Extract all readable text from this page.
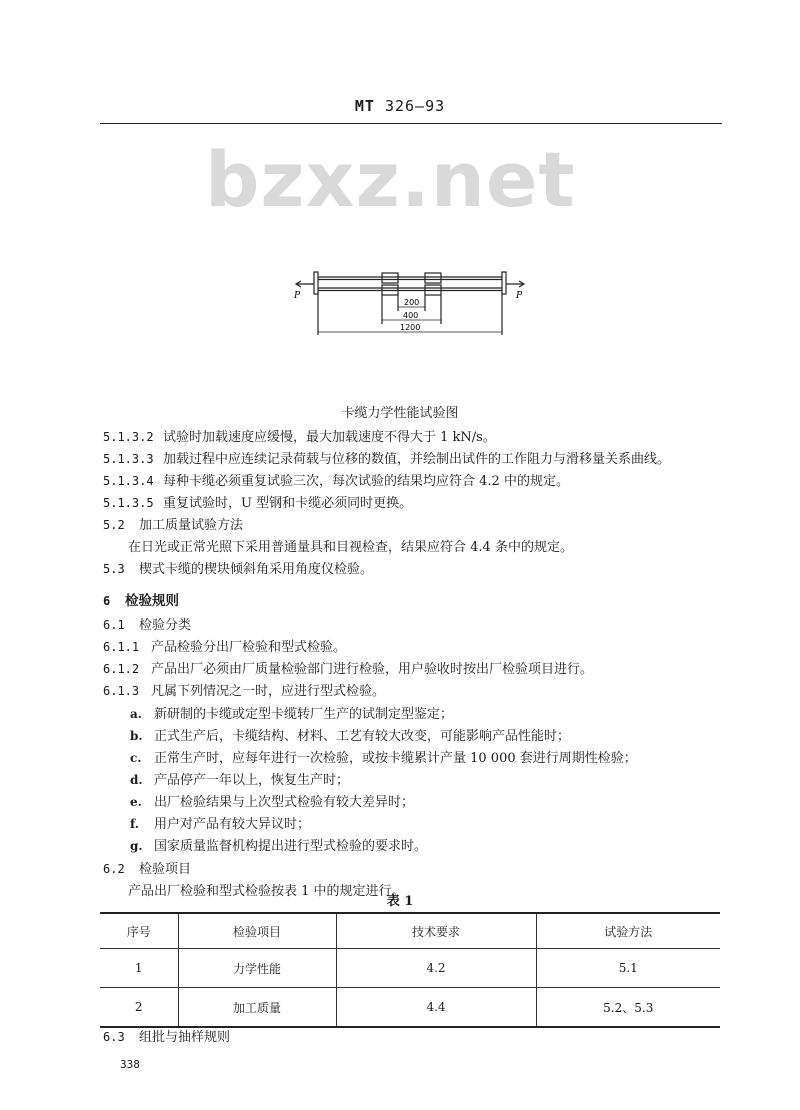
MT 326—93
bzxz.net
P	P
200
400
1200
卡缆力学性能试验图
5.1.3.2 试验时加载速度应缓慢，最大加载速度不得大于 1 kN/s。
5.1.3.3 加载过程中应连续记录荷载与位移的数值，并绘制出试件的工作阻力与滑移量关系曲线。
5.1.3.4 每种卡缆必须重复试验三次，每次试验的结果均应符合 4.2 中的规定。
5.1.3.5 重复试验时，U 型钢和卡缆必须同时更换。
5.2 加工质量试验方法
在日光或正常光照下采用普通量具和目视检查，结果应符合 4.4 条中的规定。
5.3 楔式卡缆的楔块倾斜角采用角度仪检验。
6 检验规则
6.1 检验分类
6.1.1 产品检验分出厂检验和型式检验。
6.1.2 产品出厂必须由厂质量检验部门进行检验，用户验收时按出厂检验项目进行。
6.1.3 凡属下列情况之一时，应进行型式检验。
a. 新研制的卡缆或定型卡缆转厂生产的试制定型鉴定；
b. 正式生产后，卡缆结构、材料、工艺有较大改变，可能影响产品性能时；
c. 正常生产时，应每年进行一次检验，或按卡缆累计产量 10 000 套进行周期性检验；
d. 产品停产一年以上，恢复生产时；
e. 出厂检验结果与上次型式检验有较大差异时；
f. 用户对产品有较大异议时；
g. 国家质量监督机构提出进行型式检验的要求时。
6.2 检验项目
产品出厂检验和型式检验按表 1 中的规定进行。
表 1
序号	检验项目	技术要求	试验方法
1	力学性能	4.2	5.1
2	加工质量	4.4	5.2、5.3
6.3 组批与抽样规则
338
